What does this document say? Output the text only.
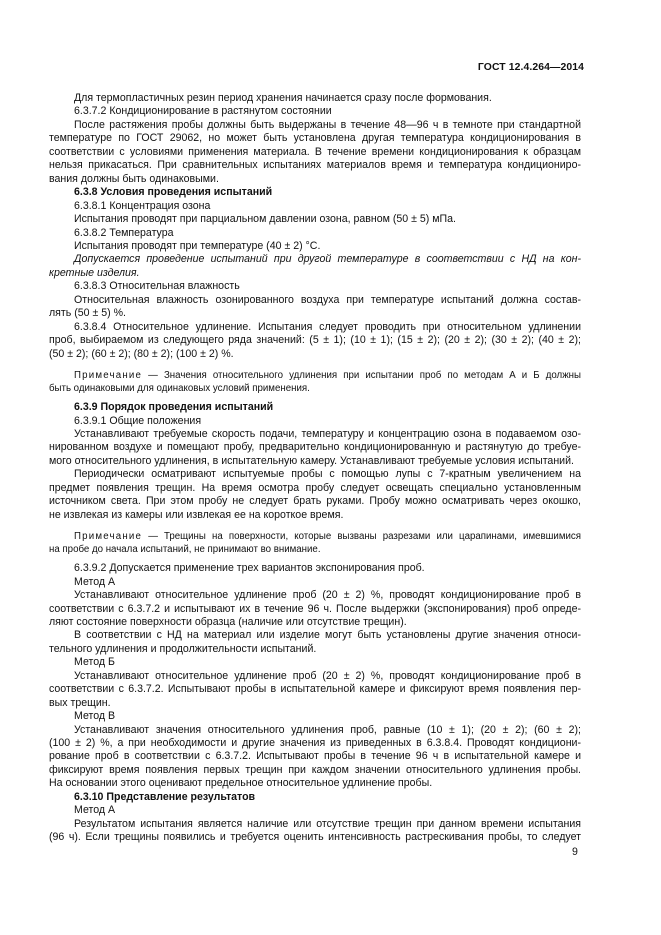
ГОСТ 12.4.264—2014

Для термопластичных резин период хранения начинается сразу после формования.

6.3.7.2 Кондиционирование в растянутом состоянии

После растяжения пробы должны быть выдержаны в течение 48—96 ч в темноте при стандартной

температуре по ГОСТ 29062, но может быть установлена другая температура кондиционирования в

соответствии с условиями применения материала. В течение времени кондиционирования к образцам

нельзя прикасаться. При сравнительных испытаниях материалов время и температура кондициониро-

вания должны быть одинаковыми.

6.3.8 Условия проведения испытаний

6.3.8.1 Концентрация озона

Испытания проводят при парциальном давлении озона, равном (50 ± 5) мПа.

6.3.8.2 Температура

Испытания проводят при температуре (40 ± 2) °С.

Допускается проведение испытаний при другой температуре в соответствии с НД на кон-

кретные изделия.

6.3.8.3 Относительная влажность

Относительная влажность озонированного воздуха при температуре испытаний должна состав-

лять (50 ± 5) %.

6.3.8.4 Относительное удлинение. Испытания следует проводить при относительном удлинении

проб, выбираемом из следующего ряда значений: (5 ± 1); (10 ± 1); (15 ± 2); (20 ± 2); (30 ± 2); (40 ± 2);

(50 ± 2); (60 ± 2); (80 ± 2); (100 ± 2) %.

Примечание — Значения относительного удлинения при испытании проб по методам А и Б должны

быть одинаковыми для одинаковых условий применения.

6.3.9 Порядок проведения испытаний

6.3.9.1 Общие положения

Устанавливают требуемые скорость подачи, температуру и концентрацию озона в подаваемом озо-

нированном воздухе и помещают пробу, предварительно кондиционированную и растянутую до требуе-

мого относительного удлинения, в испытательную камеру. Устанавливают требуемые условия испытаний.

Периодически осматривают испытуемые пробы с помощью лупы с 7-кратным увеличением на

предмет появления трещин. На время осмотра пробу следует освещать специально установленным

источником света. При этом пробу не следует брать руками. Пробу можно осматривать через окошко,

не извлекая из камеры или извлекая ее на короткое время.

Примечание — Трещины на поверхности, которые вызваны разрезами или царапинами, имевшимися

на пробе до начала испытаний, не принимают во внимание.

6.3.9.2 Допускается применение трех вариантов экспонирования проб.

Метод А

Устанавливают относительное удлинение проб (20 ± 2) %, проводят кондиционирование проб в

соответствии с 6.3.7.2 и испытывают их в течение 96 ч. После выдержки (экспонирования) проб опреде-

ляют состояние поверхности образца (наличие или отсутствие трещин).

В соответствии с НД на материал или изделие могут быть установлены другие значения относи-

тельного удлинения и продолжительности испытаний.

Метод Б

Устанавливают относительное удлинение проб (20 ± 2) %, проводят кондиционирование проб в

соответствии с 6.3.7.2. Испытывают пробы в испытательной камере и фиксируют время появления пер-

вых трещин.

Метод В

Устанавливают значения относительного удлинения проб, равные (10 ± 1); (20 ± 2); (60 ± 2);

(100 ± 2) %, а при необходимости и другие значения из приведенных в 6.3.8.4. Проводят кондициони-

рование проб в соответствии с 6.3.7.2. Испытывают пробы в течение 96 ч в испытательной камере и

фиксируют время появления первых трещин при каждом значении относительного удлинения пробы.

На основании этого оценивают предельное относительное удлинение пробы.

6.3.10 Представление результатов

Метод А

Результатом испытания является наличие или отсутствие трещин при данном времени испытания

(96 ч). Если трещины появились и требуется оценить интенсивность растрескивания пробы, то следует

9
